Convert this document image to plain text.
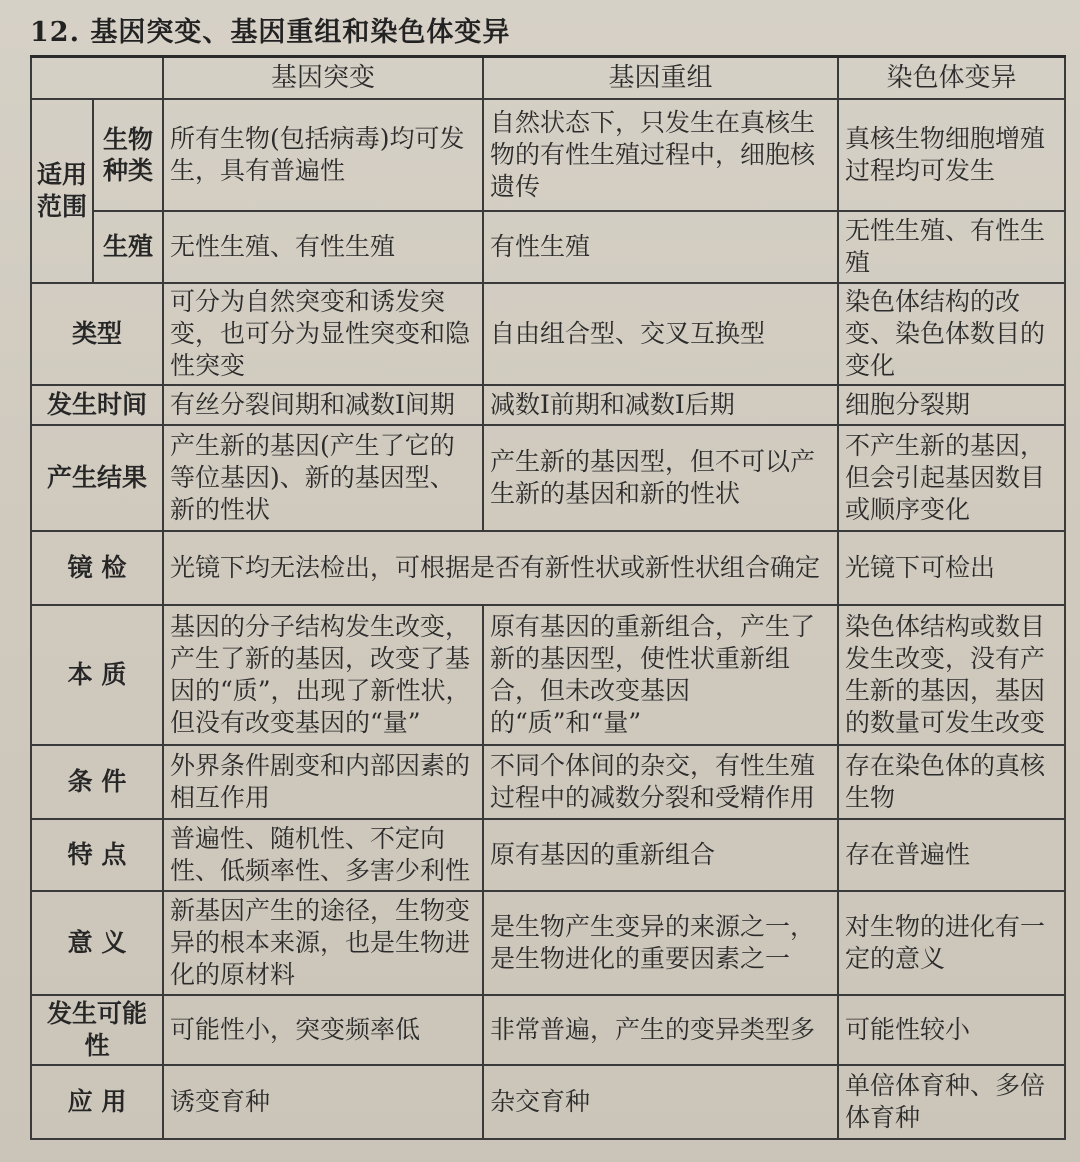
12. 基因突变、基因重组和染色体变异
		基因突变	基因重组	染色体变异
适用范围	生物种类	所有生物(包括病毒)均可发生，具有普遍性	自然状态下，只发生在真核生物的有性生殖过程中，细胞核遗传	真核生物细胞增殖过程均可发生
	生殖	无性生殖、有性生殖	有性生殖	无性生殖、有性生殖
类型		可分为自然突变和诱发突变，也可分为显性突变和隐性突变	自由组合型、交叉互换型	染色体结构的改变、染色体数目的变化
发生时间		有丝分裂间期和减数Ⅰ间期	减数Ⅰ前期和减数Ⅰ后期	细胞分裂期
产生结果		产生新的基因(产生了它的等位基因)、新的基因型、新的性状	产生新的基因型，但不可以产生新的基因和新的性状	不产生新的基因，但会引起基因数目或顺序变化
镜 检		光镜下均无法检出，可根据是否有新性状或新性状组合确定		光镜下可检出
本 质		基因的分子结构发生改变，产生了新的基因，改变了基因的“质”，出现了新性状，但没有改变基因的“量”	原有基因的重新组合，产生了新的基因型，使性状重新组合，但未改变基因的“质”和“量”	染色体结构或数目发生改变，没有产生新的基因，基因的数量可发生改变
条 件		外界条件剧变和内部因素的相互作用	不同个体间的杂交，有性生殖过程中的减数分裂和受精作用	存在染色体的真核生物
特 点		普遍性、随机性、不定向性、低频率性、多害少利性	原有基因的重新组合	存在普遍性
意 义		新基因产生的途径，生物变异的根本来源，也是生物进化的原材料	是生物产生变异的来源之一，是生物进化的重要因素之一	对生物的进化有一定的意义
发生可能性		可能性小，突变频率低	非常普遍，产生的变异类型多	可能性较小
应 用		诱变育种	杂交育种	单倍体育种、多倍体育种
